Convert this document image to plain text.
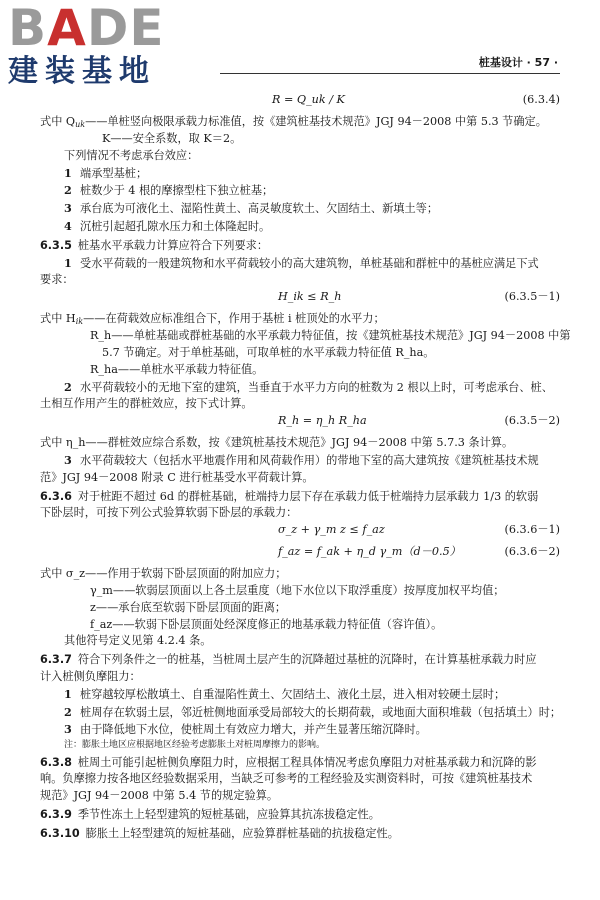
BADE
建装基地	桩基设计 · 57 ·
R = Q_uk / K	(6.3.4)
式中 $Q_{uk}——$单桩竖向极限承载力标准值，按《建筑桩基技术规范》JGJ 94－2008 中第 5.3 节确定。
K——安全系数，取 K＝2。
下列情况不考虑承台效应：
1 端承型基桩；
2 桩数少于 4 根的摩擦型柱下独立桩基；
3 承台底为可液化土、湿陷性黄土、高灵敏度软土、欠固结土、新填土等；
4 沉桩引起超孔隙水压力和土体隆起时。
6.3.5 桩基水平承载力计算应符合下列要求：
1 受水平荷载的一般建筑物和水平荷载较小的高大建筑物，单桩基础和群桩中的基桩应满足下式
要求：
H_ik ≤ R_h	(6.3.5－1)
式中 $H_{ik}——$在荷载效应标准组合下，作用于基桩 i 桩顶处的水平力；
R_h——单桩基础或群桩基础的水平承载力特征值，按《建筑桩基技术规范》JGJ 94－2008 中第
5.7 节确定。对于单桩基础，可取单桩的水平承载力特征值 R_ha。
R_ha——单桩水平承载力特征值。
2 水平荷载较小的无地下室的建筑，当垂直于水平力方向的桩数为 2 根以上时，可考虑承台、桩、
土相互作用产生的群桩效应，按下式计算。
R_h = η_h R_ha	(6.3.5－2)
式中 η_h——群桩效应综合系数，按《建筑桩基技术规范》JGJ 94－2008 中第 5.7.3 条计算。
3 水平荷载较大（包括水平地震作用和风荷载作用）的带地下室的高大建筑按《建筑桩基技术规
范》JGJ 94－2008 附录 C 进行桩基受水平荷载计算。
6.3.6 对于桩距不超过 6d 的群桩基础，桩端持力层下存在承载力低于桩端持力层承载力 1/3 的软弱
下卧层时，可按下列公式验算软弱下卧层的承载力：
σ_z + γ_m z ≤ f_az	(6.3.6－1)
f_az = f_ak + η_d γ_m（d－0.5）	(6.3.6－2)
式中 σ_z——作用于软弱下卧层顶面的附加应力；
γ_m——软弱层顶面以上各土层重度（地下水位以下取浮重度）按厚度加权平均值；
z——承台底至软弱下卧层顶面的距离；
f_az——软弱下卧层顶面处经深度修正的地基承载力特征值（容许值）。
其他符号定义见第 4.2.4 条。
6.3.7 符合下列条件之一的桩基，当桩周土层产生的沉降超过基桩的沉降时，在计算基桩承载力时应
计入桩侧负摩阻力：
1 桩穿越较厚松散填土、自重湿陷性黄土、欠固结土、液化土层，进入相对较硬土层时；
2 桩周存在软弱土层，邻近桩侧地面承受局部较大的长期荷载，或地面大面积堆载（包括填土）时；
3 由于降低地下水位，使桩周土有效应力增大，并产生显著压缩沉降时。
注：膨胀土地区应根据地区经验考虑膨胀土对桩周摩擦力的影响。
6.3.8 桩周土可能引起桩侧负摩阻力时，应根据工程具体情况考虑负摩阻力对桩基承载力和沉降的影
响。负摩擦力按各地区经验数据采用，当缺乏可参考的工程经验及实测资料时，可按《建筑桩基技术
规范》JGJ 94－2008 中第 5.4 节的规定验算。
6.3.9 季节性冻土上轻型建筑的短桩基础，应验算其抗冻拔稳定性。
6.3.10 膨胀土上轻型建筑的短桩基础，应验算群桩基础的抗拔稳定性。
